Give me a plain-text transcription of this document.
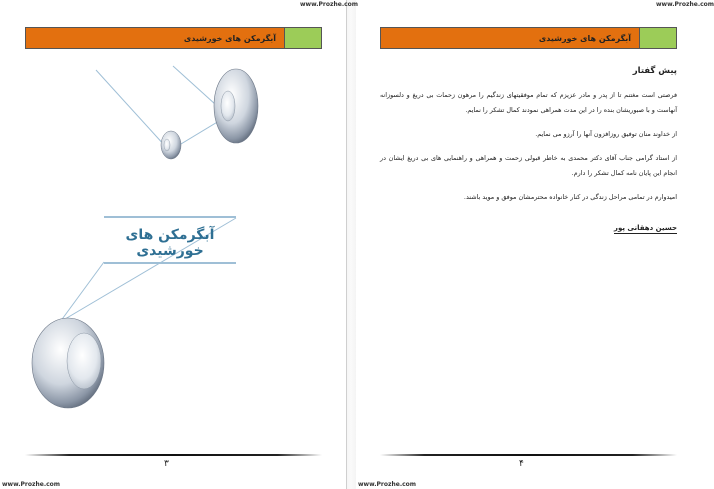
www.Prozhe.com
آبگرمکن های خورشیدی
آبگرمکن های خورشیدی
۳
www.Prozhe.com
www.Prozhe.com
www.Prozhe.com
آبگرمکن های خورشیدی
پیش گفتار
فرصتی است مغتنم تا از پدر و مادر عزیزم که تمام موفقیتهای زندگیم را مرهون زحمات بی دریغ و دلسوزانه آنهاست و با صبوریشان بنده را در این مدت همراهی نمودند کمال تشکر را نمایم.
از خداوند منان توفیق روزافزون آنها را آرزو می نمایم.
از استاد گرامی جناب آقای دکتر محمدی به خاطر قبولی زحمت و همراهی و راهنمایی های بی دریغ ایشان در انجام این پایان نامه کمال تشکر را دارم.
امیدوارم در تمامی مراحل زندگی در کنار خانواده محترمشان موفق و موید باشند.
حسین دهقانی پور
۴
